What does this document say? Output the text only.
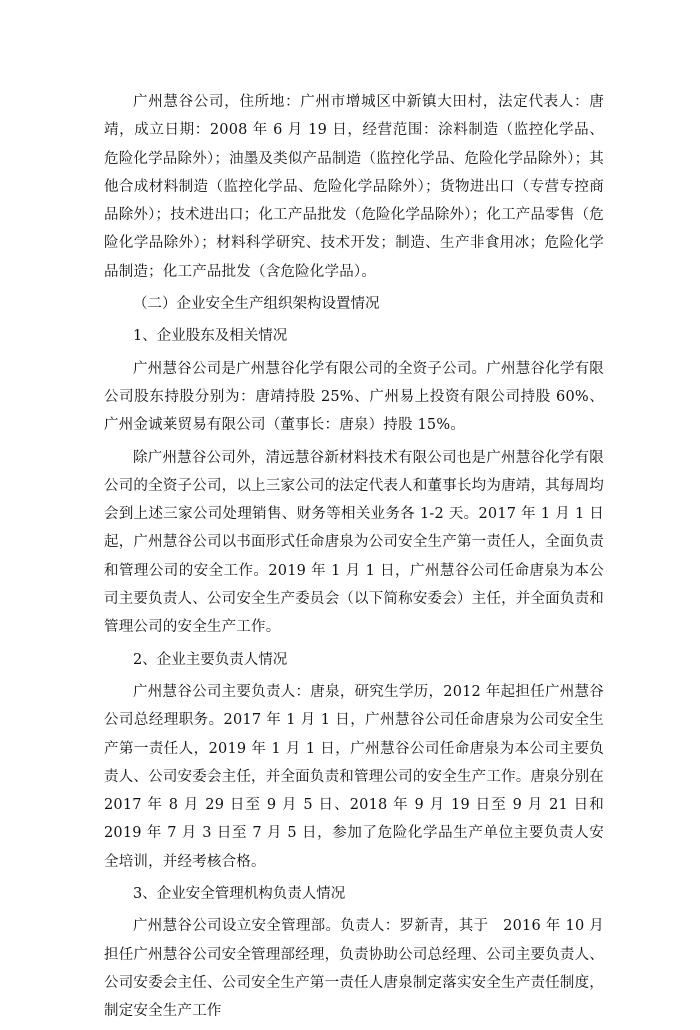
广州慧谷公司，住所地：广州市增城区中新镇大田村，法定代表人：唐靖，成立日期：2008 年 6 月 19 日，经营范围：涂料制造（监控化学品、危险化学品除外）；油墨及类似产品制造（监控化学品、危险化学品除外）；其他合成材料制造（监控化学品、危险化学品除外）；货物进出口（专营专控商品除外）；技术进出口；化工产品批发（危险化学品除外）；化工产品零售（危险化学品除外）；材料科学研究、技术开发；制造、生产非食用冰；危险化学品制造；化工产品批发（含危险化学品）。

（二）企业安全生产组织架构设置情况

1、企业股东及相关情况

广州慧谷公司是广州慧谷化学有限公司的全资子公司。广州慧谷化学有限公司股东持股分别为：唐靖持股 25%、广州易上投资有限公司持股 60%、广州金诚莱贸易有限公司（董事长：唐泉）持股 15%。

除广州慧谷公司外，清远慧谷新材料技术有限公司也是广州慧谷化学有限公司的全资子公司，以上三家公司的法定代表人和董事长均为唐靖，其每周均会到上述三家公司处理销售、财务等相关业务各 1-2 天。2017 年 1 月 1 日起，广州慧谷公司以书面形式任命唐泉为公司安全生产第一责任人，全面负责和管理公司的安全工作。2019 年 1 月 1 日，广州慧谷公司任命唐泉为本公司主要负责人、公司安全生产委员会（以下简称安委会）主任，并全面负责和管理公司的安全生产工作。

2、企业主要负责人情况

广州慧谷公司主要负责人：唐泉，研究生学历，2012 年起担任广州慧谷公司总经理职务。2017 年 1 月 1 日，广州慧谷公司任命唐泉为公司安全生产第一责任人，2019 年 1 月 1 日，广州慧谷公司任命唐泉为本公司主要负责人、公司安委会主任，并全面负责和管理公司的安全生产工作。唐泉分别在 2017 年 8 月 29 日至 9 月 5 日、2018 年 9 月 19 日至 9 月 21 日和 2019 年 7 月 3 日至 7 月 5 日，参加了危险化学品生产单位主要负责人安全培训，并经考核合格。

3、企业安全管理机构负责人情况

广州慧谷公司设立安全管理部。负责人：罗新青，其于　2016 年 10 月担任广州慧谷公司安全管理部经理，负责协助公司总经理、公司主要负责人、公司安委会主任、公司安全生产第一责任人唐泉制定落实安全生产责任制度，制定安全生产工作
